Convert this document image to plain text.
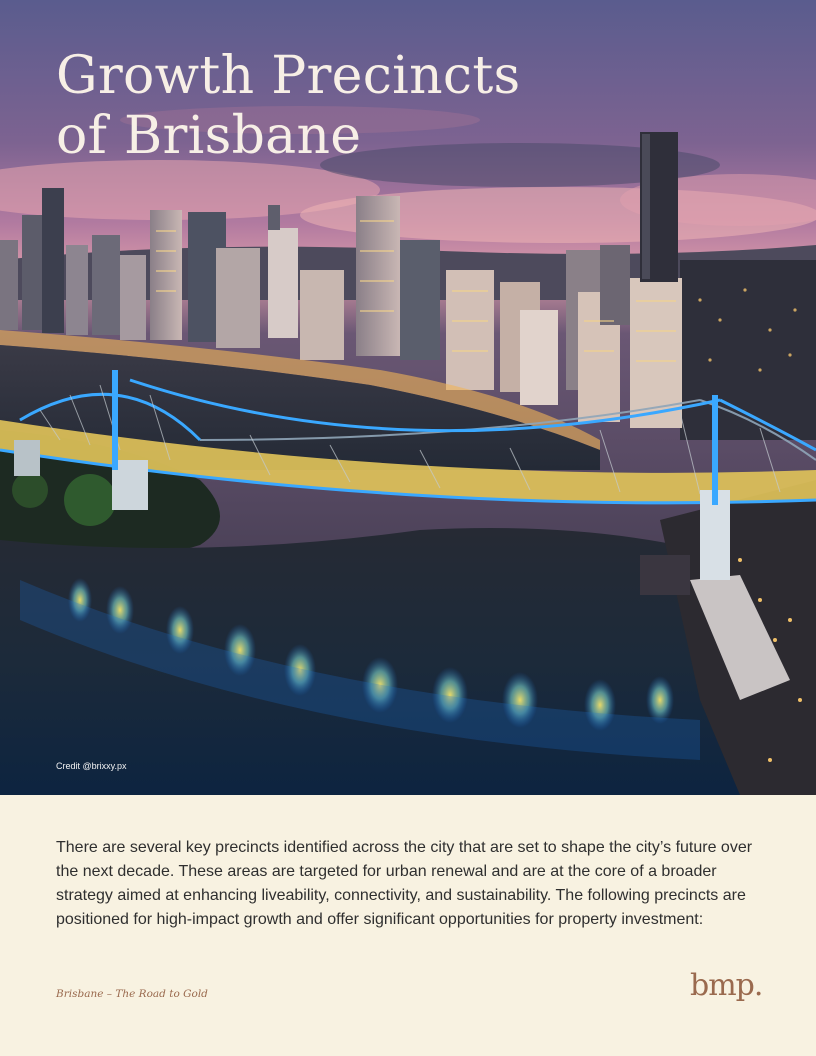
Growth Precincts
of Brisbane
Credit @brixxy.px

There are several key precincts identified across the city that are set to shape the city’s future over the next decade. These areas are targeted for urban renewal and are at the core of a broader strategy aimed at enhancing liveability, connectivity, and sustainability. The following precincts are positioned for high-impact growth and offer significant opportunities for property investment:

Brisbane – The Road to Gold	bmp.
